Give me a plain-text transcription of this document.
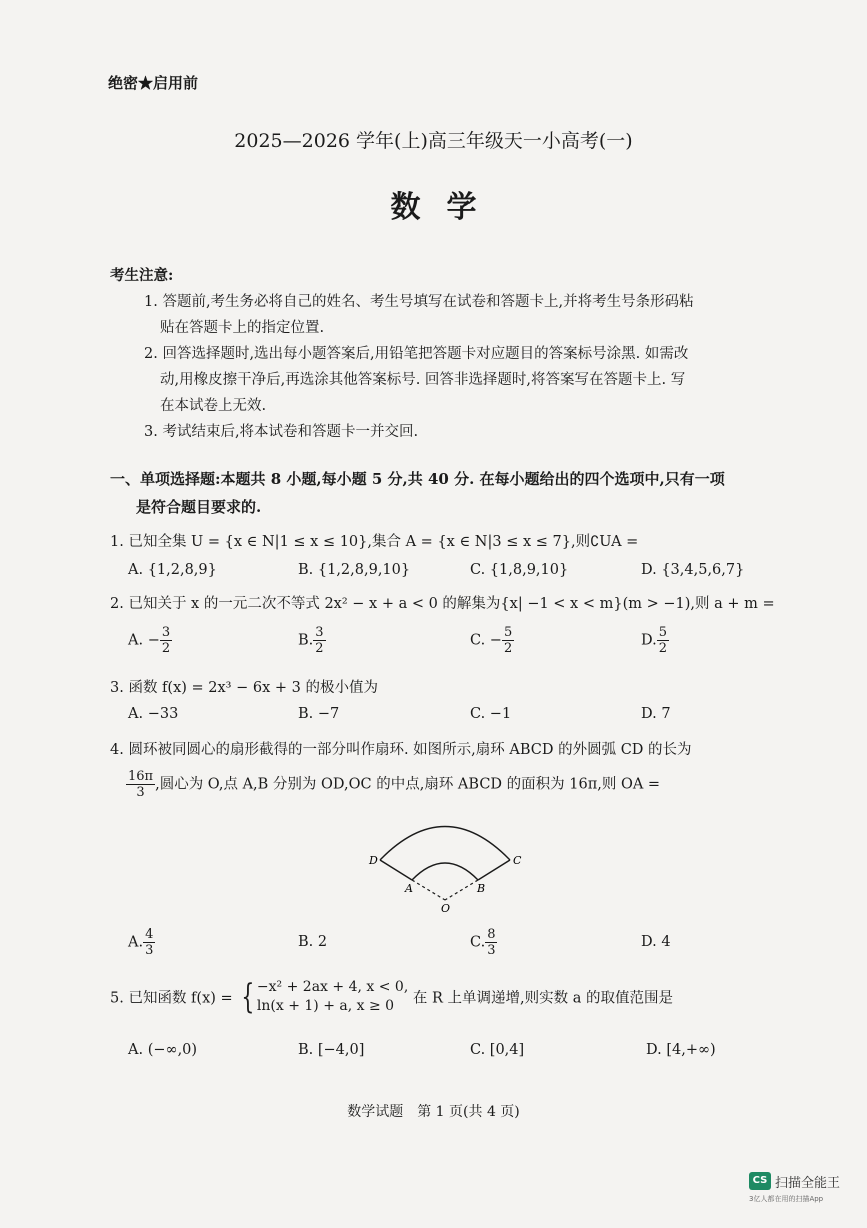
绝密★启用前
2025—2026 学年(上)高三年级天一小高考(一)
数学
考生注意:
1. 答题前,考生务必将自己的姓名、考生号填写在试卷和答题卡上,并将考生号条形码粘
贴在答题卡上的指定位置.
2. 回答选择题时,选出每小题答案后,用铅笔把答题卡对应题目的答案标号涂黑. 如需改
动,用橡皮擦干净后,再选涂其他答案标号. 回答非选择题时,将答案写在答题卡上. 写
在本试卷上无效.
3. 考试结束后,将本试卷和答题卡一并交回.
一、单项选择题:本题共 8 小题,每小题 5 分,共 40 分. 在每小题给出的四个选项中,只有一项
是符合题目要求的.
1. 已知全集 U = {x ∈ N|1 ≤ x ≤ 10},集合 A = {x ∈ N|3 ≤ x ≤ 7},则∁UA =
A. {1,2,8,9}	B. {1,2,8,9,10}	C. {1,8,9,10}	D. {3,4,5,6,7}
2. 已知关于 x 的一元二次不等式 2x² − x + a < 0 的解集为{x| −1 < x < m}(m > −1),则 a + m =
A. − $\frac{3}{2}$	B. $\frac{3}{2}$	C. − $\frac{5}{2}$	D. $\frac{5}{2}$
3. 函数 f(x) = 2x³ − 6x + 3 的极小值为
A. −33	B. −7	C. −1	D. 7
4. 圆环被同圆心的扇形截得的一部分叫作扇环. 如图所示,扇环 ABCD 的外圆弧 CD 的长为
$\frac{16\pi}{3}$ ,圆心为 O,点 A,B 分别为 OD,OC 的中点,扇环 ABCD 的面积为 16π,则 OA =
D	C
A	B
O
A. $\frac{4}{3}$	B. 2	C. $\frac{8}{3}$	D. 4
5. 已知函数 f(x) = { −x² + 2ax + 4, x < 0,
ln(x + 1) + a, x ≥ 0	在 R 上单调递增,则实数 a 的取值范围是
A. (−∞,0)	B. [−4,0]	C. [0,4]	D. [4,+∞)
数学试题　第 1 页(共 4 页)
CS 扫描全能王
3亿人都在用的扫描App
